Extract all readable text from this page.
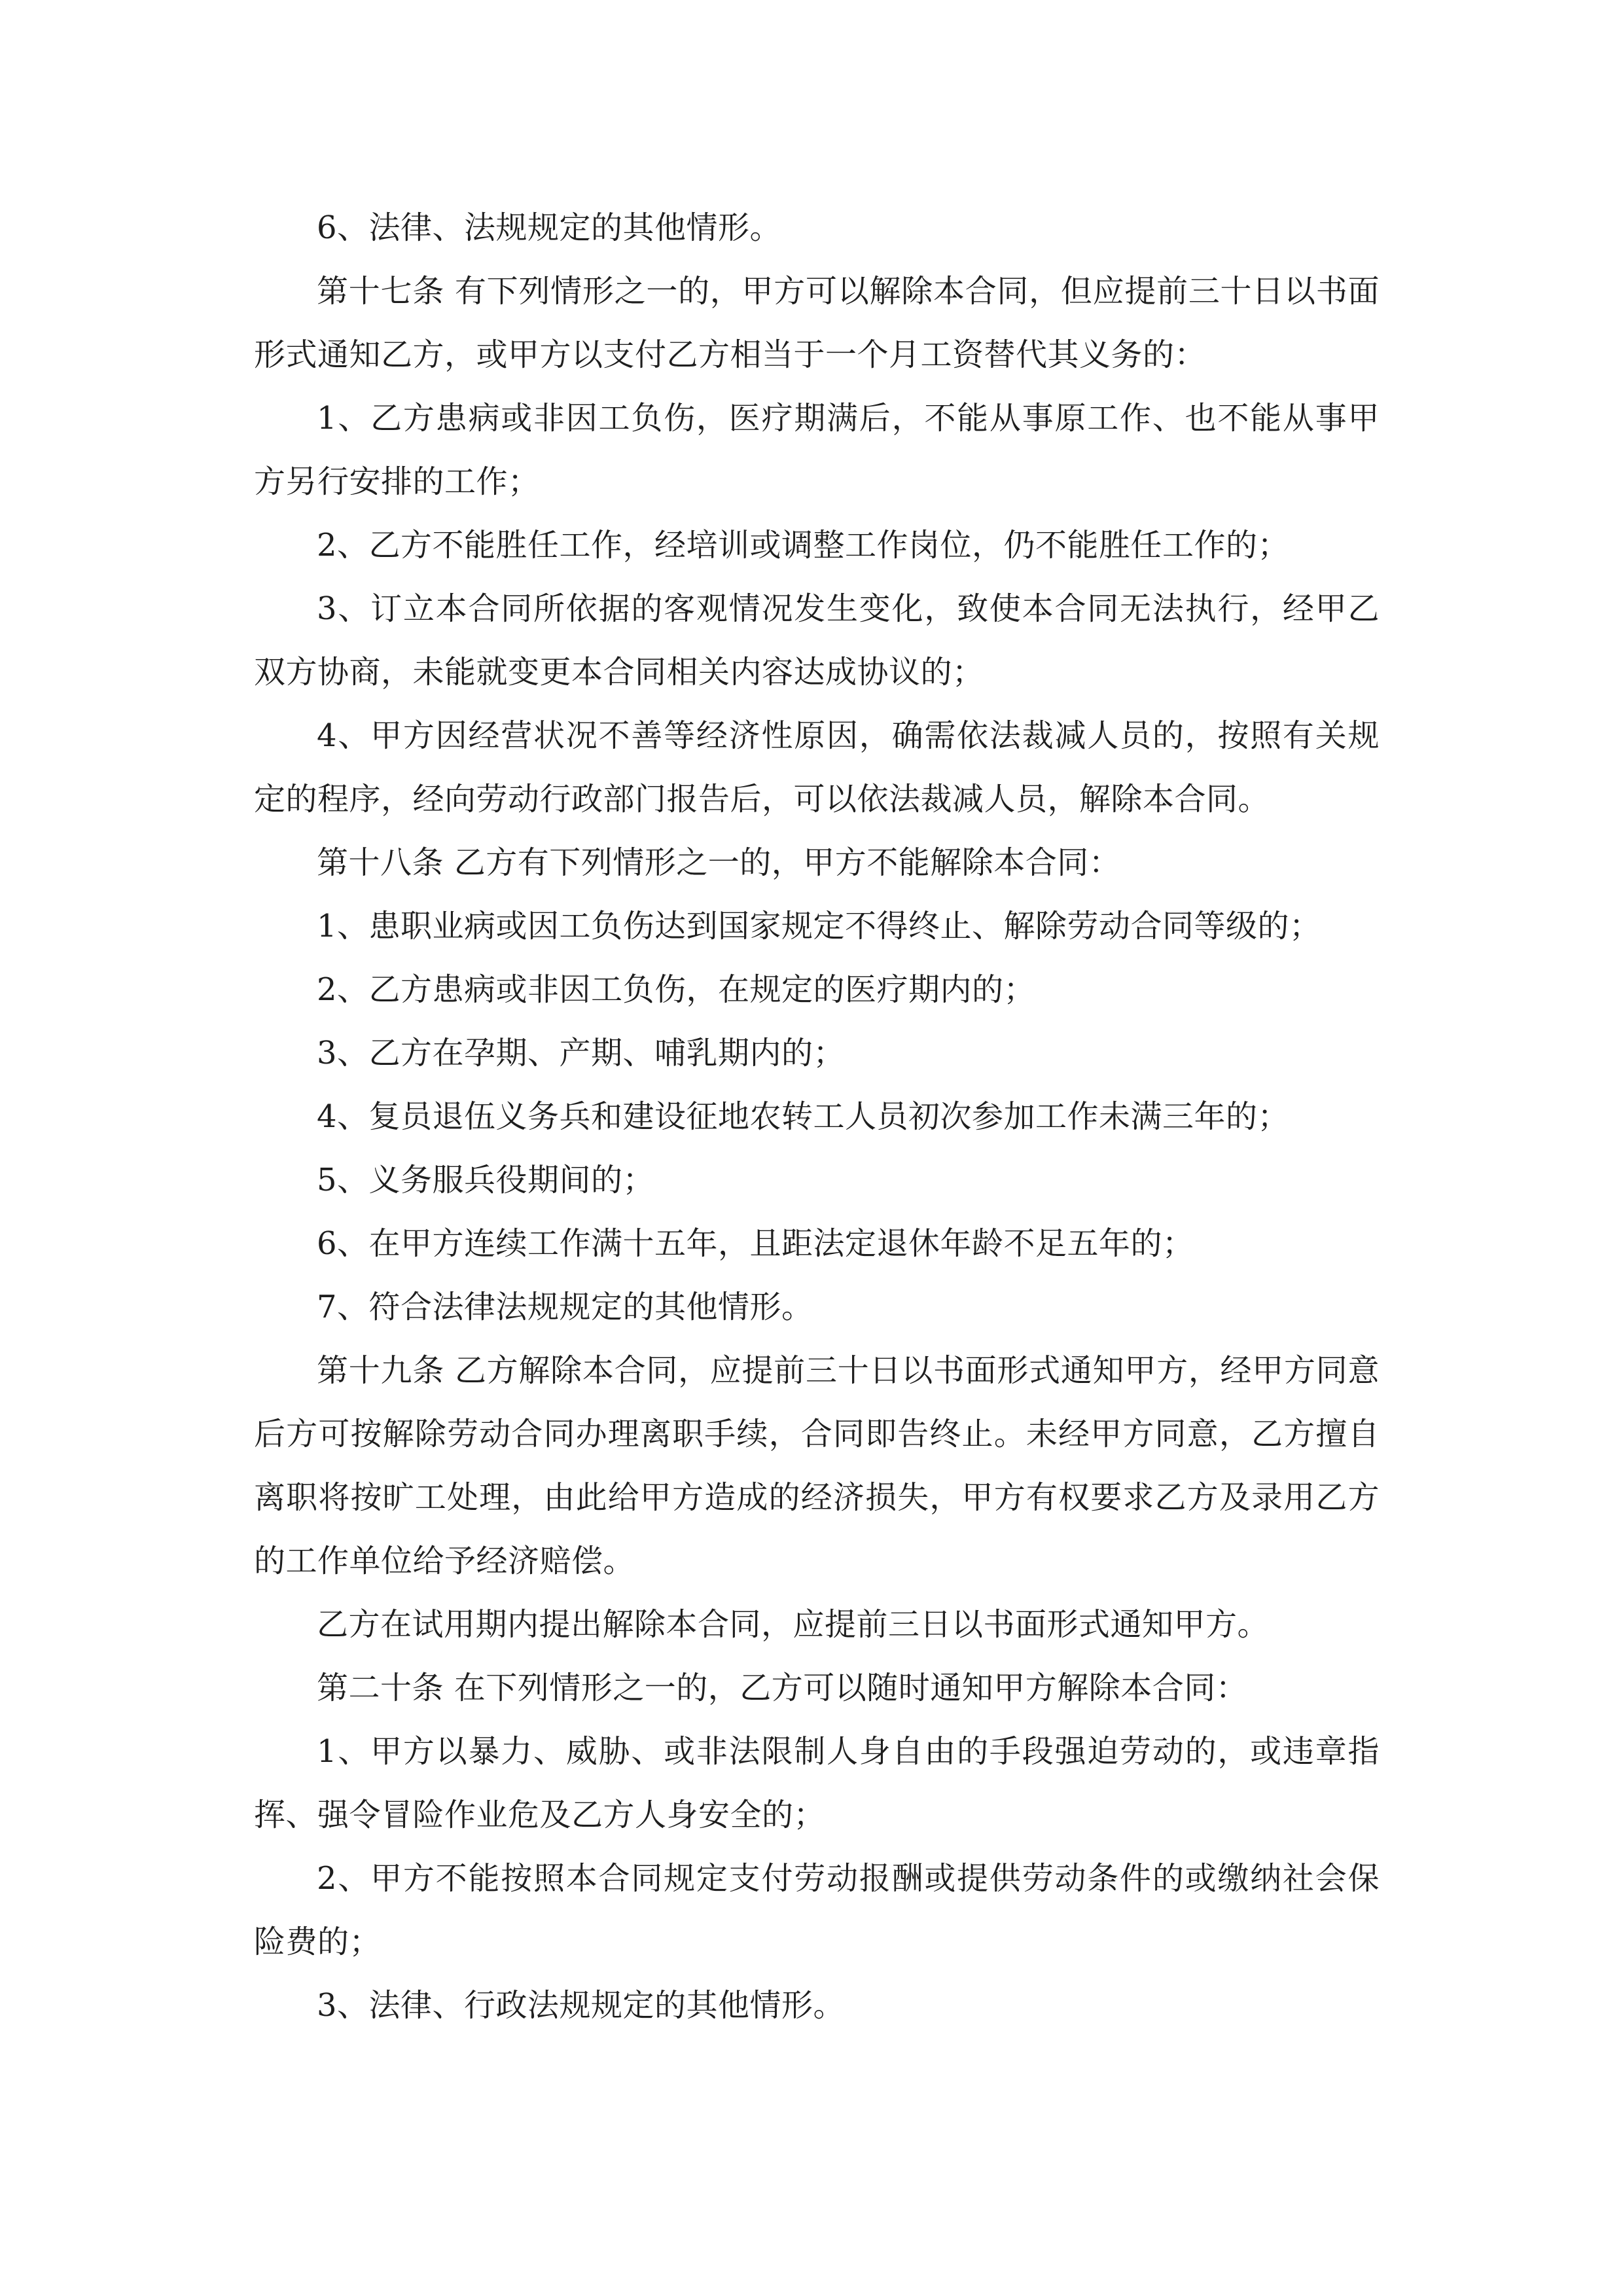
6、法律、法规规定的其他情形。

第十七条 有下列情形之一的，甲方可以解除本合同，但应提前三十日以书面形式通知乙方，或甲方以支付乙方相当于一个月工资替代其义务的：

1、乙方患病或非因工负伤，医疗期满后，不能从事原工作、也不能从事甲方另行安排的工作；

2、乙方不能胜任工作，经培训或调整工作岗位，仍不能胜任工作的；

3、订立本合同所依据的客观情况发生变化，致使本合同无法执行，经甲乙双方协商，未能就变更本合同相关内容达成协议的；

4、甲方因经营状况不善等经济性原因，确需依法裁减人员的，按照有关规定的程序，经向劳动行政部门报告后，可以依法裁减人员，解除本合同。

第十八条 乙方有下列情形之一的，甲方不能解除本合同：

1、患职业病或因工负伤达到国家规定不得终止、解除劳动合同等级的；

2、乙方患病或非因工负伤，在规定的医疗期内的；

3、乙方在孕期、产期、哺乳期内的；

4、复员退伍义务兵和建设征地农转工人员初次参加工作未满三年的；

5、义务服兵役期间的；

6、在甲方连续工作满十五年，且距法定退休年龄不足五年的；

7、符合法律法规规定的其他情形。

第十九条 乙方解除本合同，应提前三十日以书面形式通知甲方，经甲方同意后方可按解除劳动合同办理离职手续，合同即告终止。未经甲方同意，乙方擅自离职将按旷工处理，由此给甲方造成的经济损失，甲方有权要求乙方及录用乙方的工作单位给予经济赔偿。

乙方在试用期内提出解除本合同，应提前三日以书面形式通知甲方。

第二十条 在下列情形之一的，乙方可以随时通知甲方解除本合同：

1、甲方以暴力、威胁、或非法限制人身自由的手段强迫劳动的，或违章指挥、强令冒险作业危及乙方人身安全的；

2、甲方不能按照本合同规定支付劳动报酬或提供劳动条件的或缴纳社会保险费的；

3、法律、行政法规规定的其他情形。
